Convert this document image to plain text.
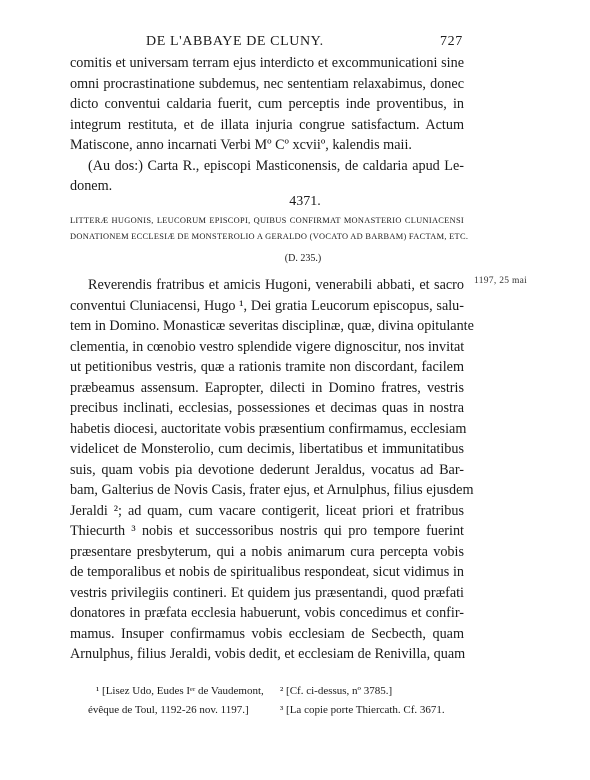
DE L'ABBAYE DE CLUNY.	727
comitis et universam terram ejus interdicto et excommunicationi sine
omni procrastinatione subdemus, nec sententiam relaxabimus, donec
dicto conventui caldaria fuerit, cum perceptis inde proventibus, in
integrum restituta, et de illata injuria congrue satisfactum. Actum
Matiscone, anno incarnati Verbi Mº Cº xcviiº, kalendis maii.
(Au dos:) Carta R., episcopi Masticonensis, de caldaria apud Le-
donem.
4371.
LITTERÆ HUGONIS, LEUCORUM EPISCOPI, QUIBUS CONFIRMAT MONASTERIO CLUNIACENSI
DONATIONEM ECCLESIÆ DE MONSTEROLIO A GERALDO (VOCATO AD BARBAM) FACTAM, ETC.
(D. 235.)
1197, 25 mai
Reverendis fratribus et amicis Hugoni, venerabili abbati, et sacro
conventui Cluniacensi, Hugo ¹, Dei gratia Leucorum episcopus, salu-
tem in Domino. Monasticæ severitas disciplinæ, quæ, divina opitulante
clementia, in cœnobio vestro splendide vigere dignoscitur, nos invitat
ut petitionibus vestris, quæ a rationis tramite non discordant, facilem
præbeamus assensum. Eapropter, dilecti in Domino fratres, vestris
precibus inclinati, ecclesias, possessiones et decimas quas in nostra
habetis diocesi, auctoritate vobis præsentium confirmamus, ecclesiam
videlicet de Monsterolio, cum decimis, libertatibus et immunitatibus
suis, quam vobis pia devotione dederunt Jeraldus, vocatus ad Bar-
bam, Galterius de Novis Casis, frater ejus, et Arnulphus, filius ejusdem
Jeraldi ²; ad quam, cum vacare contigerit, liceat priori et fratribus
Thiecurth ³ nobis et successoribus nostris qui pro tempore fuerint
præsentare presbyterum, qui a nobis animarum cura percepta vobis
de temporalibus et nobis de spiritualibus respondeat, sicut vidimus in
vestris privilegiis contineri. Et quidem jus præsentandi, quod præfati
donatores in præfata ecclesia habuerunt, vobis concedimus et confir-
mamus. Insuper confirmamus vobis ecclesiam de Secbecth, quam
Arnulphus, filius Jeraldi, vobis dedit, et ecclesiam de Renivilla, quam
¹ [Lisez Udo, Eudes Iᵉʳ de Vaudemont,
évêque de Toul, 1192-26 nov. 1197.]
² [Cf. ci-dessus, nº 3785.]
³ [La copie porte Thiercath. Cf. 3671.
